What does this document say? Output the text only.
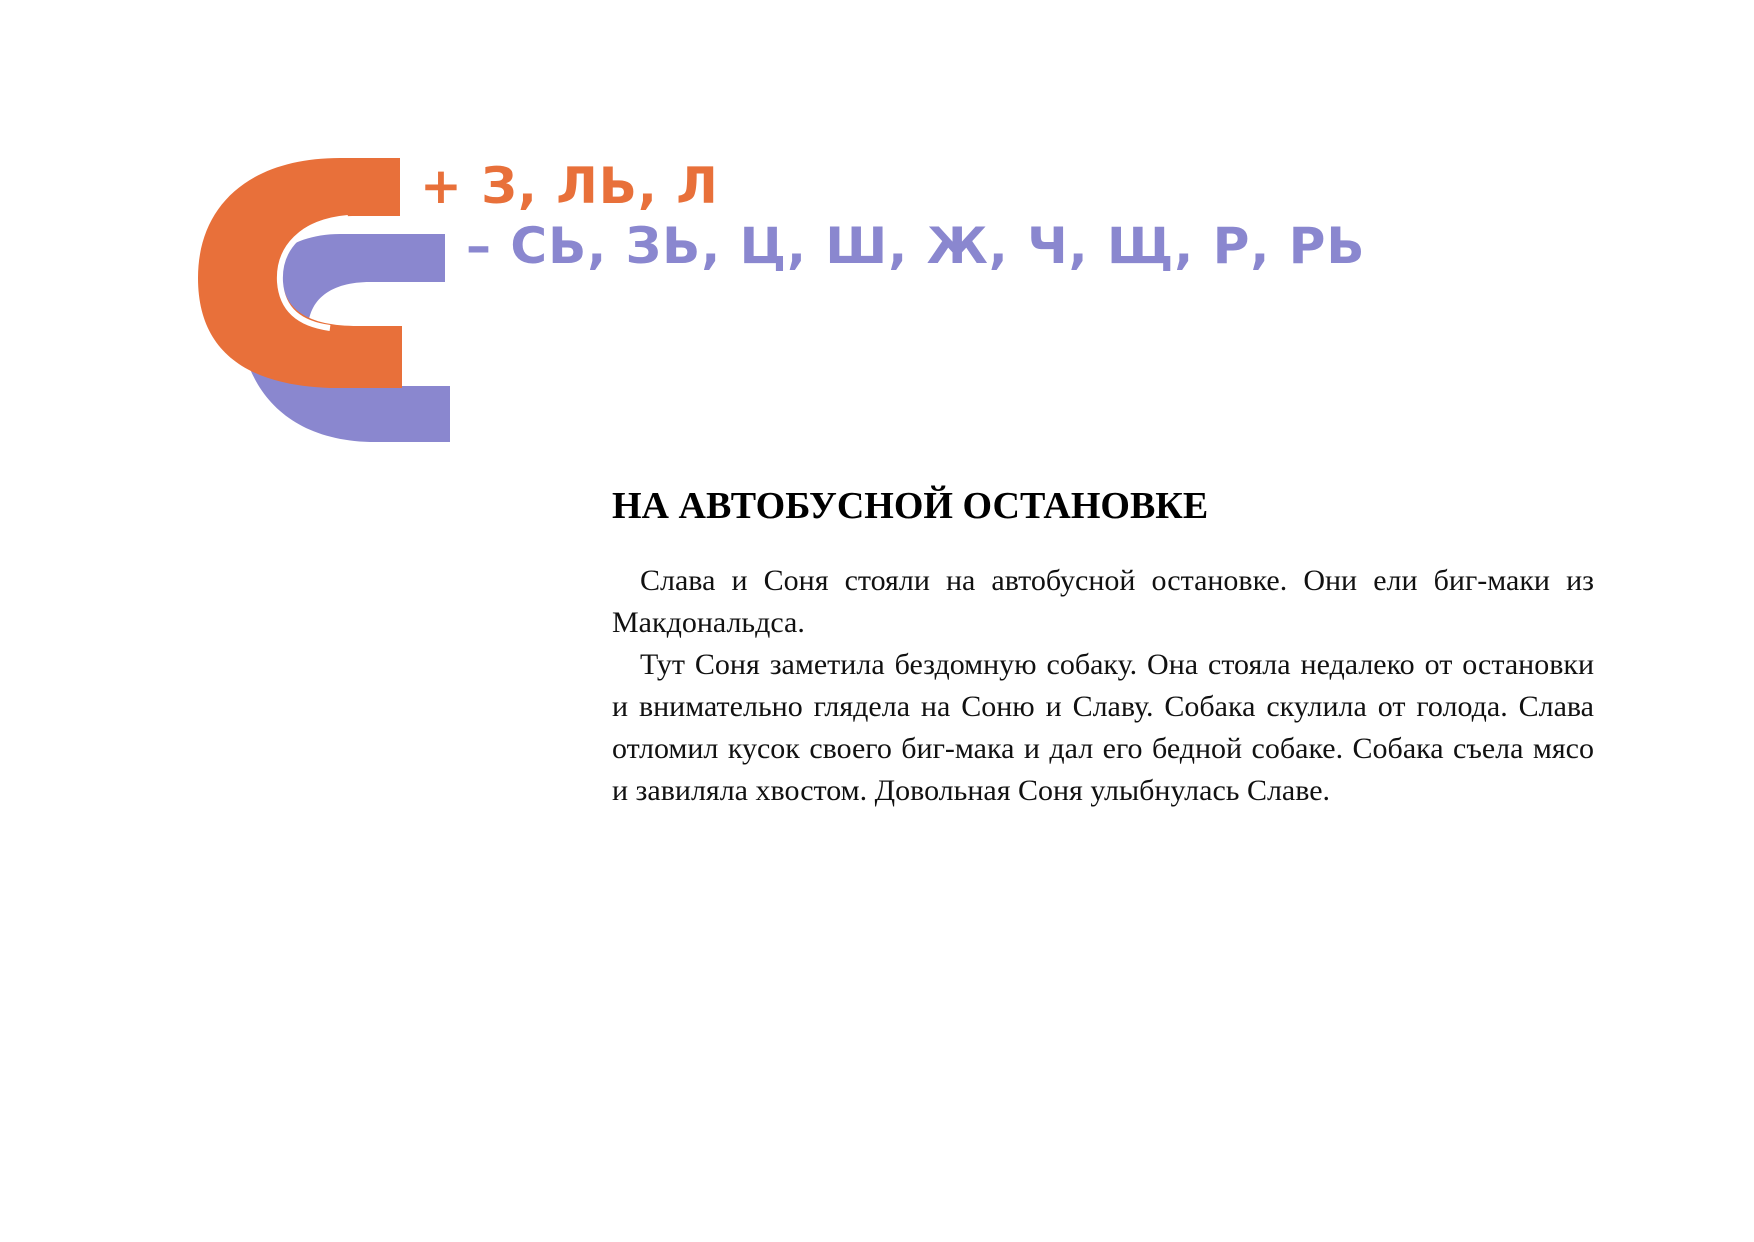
+ З, ЛЬ, Л
– СЬ, ЗЬ, Ц, Ш, Ж, Ч, Щ, Р, РЬ
НА АВТОБУСНОЙ ОСТАНОВКЕ

Слава и Соня стояли на автобусной остановке. Они ели биг-маки из Макдональдса.

Тут Соня заметила бездомную собаку. Она стояла недалеко от остановки и внимательно глядела на Соню и Славу. Собака скулила от голода. Слава отломил кусок своего биг-мака и дал его бедной собаке. Собака съела мясо и завиляла хвостом. Довольная Соня улыбнулась Славе.
